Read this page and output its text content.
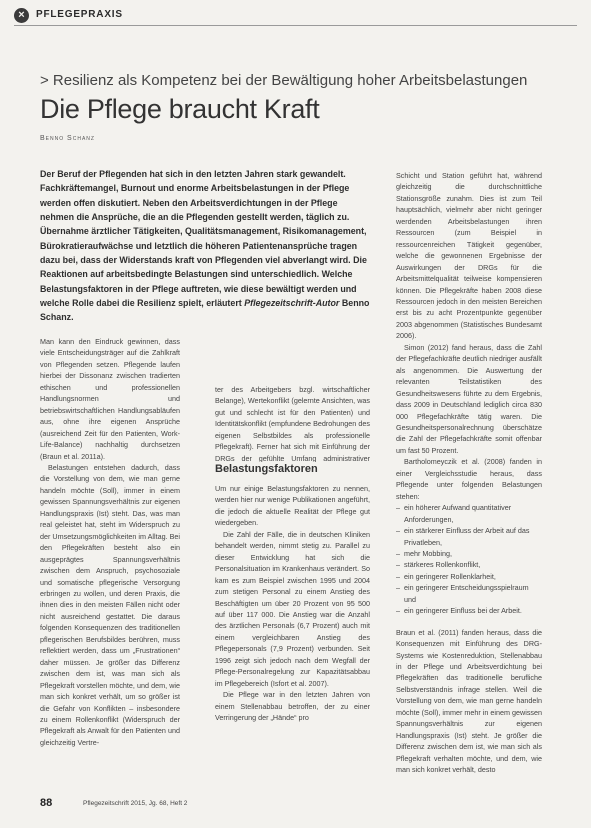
×	PFLEGEPRAXIS
> Resilienz als Kompetenz bei der Bewältigung hoher Arbeitsbelastungen
Die Pflege braucht Kraft
Benno Schanz
Der Beruf der Pflegenden hat sich in den letzten Jahren stark gewandelt. Fachkräftemangel, Burnout und enorme Arbeitsbelastungen in der Pflege werden offen diskutiert. Neben den Arbeitsverdichtungen in der Pflege nehmen die Ansprüche, die an die Pflegenden gestellt werden, täglich zu. Übernahme ärztlicher Tätigkeiten, Qualitätsmanagement, Risikomanagement, Bürokratieraufwächse und letztlich die höheren Patientenansprüche tragen dazu bei, dass der Widerstands kraft von Pflegenden viel abverlangt wird. Die Reaktionen auf arbeitsbedingte Belastungen sind unterschiedlich. Welche Belastungsfaktoren in der Pflege auftreten, wie diese bewältigt werden und welche Rolle dabei die Resilienz spielt, erläutert Pflegezeitschrift-Autor Benno Schanz.

Man kann den Eindruck gewinnen, dass viele Entscheidungsträger auf die Zahlkraft von Pflegenden setzen. Pflegende laufen hierbei der Dissonanz zwischen tradierten ethischen und professionellen Handlungsnormen und betriebswirtschaftlichen Handlungsabläufen aus, ohne ihre eigenen Ansprüche (ausreichend Zeit für den Patienten, Work-Life-Balance) nachhaltig durchsetzen (Braun et al. 2011a).

Belastungen entstehen dadurch, dass die Vorstellung von dem, wie man gerne handeln möchte (Soll), immer in einem gewissen Spannungsverhältnis zur eigenen Handlungspraxis (Ist) steht. Das, was man real geleistet hat, steht im Widerspruch zu der Umsetzungsmöglichkeiten im Alltag. Bei den Pflegekräften besteht also ein ausgeprägtes Spannungsverhältnis zwischen dem Anspruch, psychosoziale und somatische pflegerische Versorgung erbringen zu wollen, und deren Praxis, die ihnen dies in den meisten Fällen nicht oder nicht ausreichend gestattet. Die daraus folgenden Konsequenzen des traditionellen pflegerischen Berufsbildes berühren, muss reflektiert werden, dass um „Frustrationen“ daher müssen. Je größer das Differenz zwischen dem ist, was man sich als Pflegekraft vorstellen möchte, und dem, wie man sich konkret verhält, um so größer ist die Gefahr von Konflikten – insbesondere zu einem Rollenkonflikt (Widerspruch der Pflegekraft als Anwalt für den Patienten und gleichzeitig Vertre-

ter des Arbeitgebers bzgl. wirtschaftlicher Belange), Wertekonflikt (gelernte Ansichten, was gut und schlecht ist für den Patienten) und Identitätskonflikt (empfundene Bedrohungen des eigenen Selbstbildes als professionelle Pflegekraft). Ferner hat sich mit Einführung der DRGs der gefühlte Umfang administrativer

Belastungsfaktoren

Um nur einige Belastungsfaktoren zu nennen, werden hier nur wenige Publikationen angeführt, die jedoch die aktuelle Realität der Pflege gut wiedergeben.

Die Zahl der Fälle, die in deutschen Kliniken behandelt werden, nimmt stetig zu. Parallel zu dieser Entwicklung hat sich die Personalsituation im Krankenhaus verändert. So kam es zum Beispiel zwischen 1995 und 2004 zum stetigen Personal zu einem Anstieg des Beschäftigten um über 20 Prozent von 95 500 auf über 117 000. Die Anstieg war die Anzahl des ärztlichen Personals (6,7 Prozent) auch mit einem vergleichbaren Anstieg des Pflegepersonals (7,9 Prozent) verbunden. Seit 1996 zeigt sich jedoch nach dem Wegfall der Pflege-Personalregelung zur Kapazitätsabbau im Pflegebereich (Isfort et al. 2007).

Die Pflege war in den letzten Jahren von einem Stellenabbau betroffen, der zu einer Verringerung der „Hände“ pro

Schicht und Station geführt hat, während gleichzeitig die durchschnittliche Stationsgröße zunahm. Dies ist zum Teil hauptsächlich, vielmehr aber nicht geringer werdenden Arbeitsbelastungen ihren Ressourcen (zum Beispiel in ressourcenreichen Tätigkeit gegenüber, welche die gewonnenen Ergebnisse der Auswirkungen der DRGs für die Arbeitsmittelqualität teilweise kompensieren können. Die Pflegekräfte haben 2008 diese Ressourcen jedoch in den meisten Bereichen erst bis zu acht Prozentpunkte gegenüber 2003 abgenommen (Statistisches Bundesamt 2006).

Simon (2012) fand heraus, dass die Zahl der Pflegefachkräfte deutlich niedriger ausfällt als angenommen. Die Auswertung der relevanten Teilstatistiken des Gesundheitswesens führte zu dem Ergebnis, dass 2009 in Deutschland lediglich circa 830 000 Pflegefachkräfte tätig waren. Die Gesundheitspersonalrechnung überschätze die Zahl der Pflegefachkräfte somit offenbar um fast 50 Prozent.

Bartholomeyczik et al. (2008) fanden in einer Vergleichsstudie heraus, dass Pflegende unter folgenden Belastungen stehen:

– ein höherer Aufwand quantitativer Anforderungen,
– ein stärkerer Einfluss der Arbeit auf das Privatleben,
– mehr Mobbing,
– stärkeres Rollenkonflikt,
– ein geringerer Rollenklarheit,
– ein geringerer Entscheidungsspielraum und
– ein geringerer Einfluss bei der Arbeit.

Braun et al. (2011) fanden heraus, dass die Konsequenzen mit Einführung des DRG-Systems wie Kostenreduktion, Stellenabbau in der Pflege und Arbeitsverdichtung bei Pflegekräften das traditionelle berufliche Selbstverständnis infrage stellen. Weil die Vorstellung von dem, wie man gerne handeln möchte (Soll), immer mehr in einem gewissen Spannungsverhältnis zur eigenen Handlungspraxis (Ist) steht. Je größer die Differenz zwischen dem ist, wie man sich als Pflegekraft verhalten möchte, und dem, wie man sich konkret verhält, desto

88	Pflegezeitschrift 2015, Jg. 68, Heft 2
